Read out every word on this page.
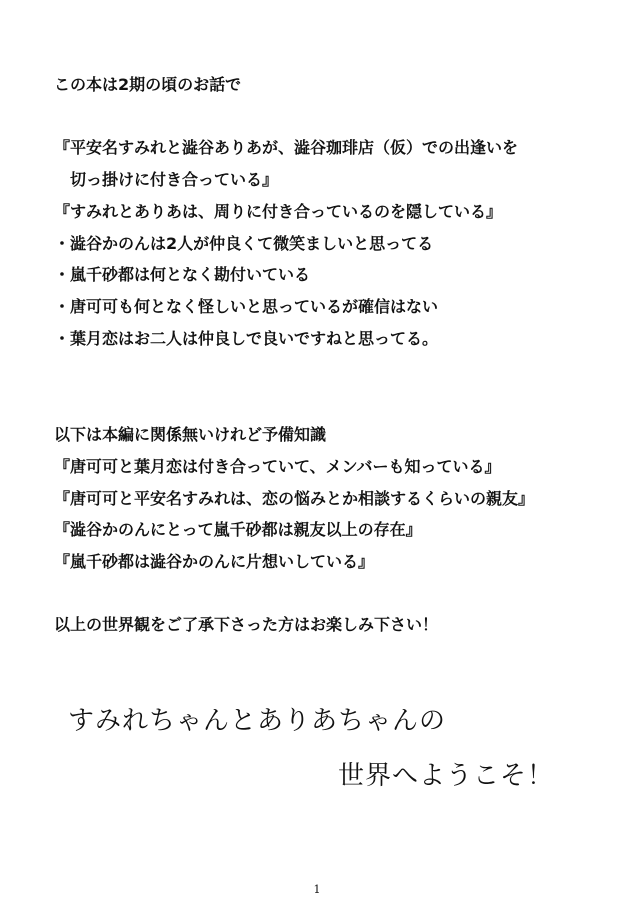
この本は2期の頃のお話で
『平安名すみれと澁谷ありあが、澁谷珈琲店（仮）での出逢いを
切っ掛けに付き合っている』
『すみれとありあは、周りに付き合っているのを隠している』
・澁谷かのんは2人が仲良くて微笑ましいと思ってる
・嵐千砂都は何となく勘付いている
・唐可可も何となく怪しいと思っているが確信はない
・葉月恋はお二人は仲良しで良いですねと思ってる。
以下は本編に関係無いけれど予備知識
『唐可可と葉月恋は付き合っていて、メンバーも知っている』
『唐可可と平安名すみれは、恋の悩みとか相談するくらいの親友』
『澁谷かのんにとって嵐千砂都は親友以上の存在』
『嵐千砂都は澁谷かのんに片想いしている』
以上の世界観をご了承下さった方はお楽しみ下さい！
すみれちゃんとありあちゃんの
世界へようこそ！
1
